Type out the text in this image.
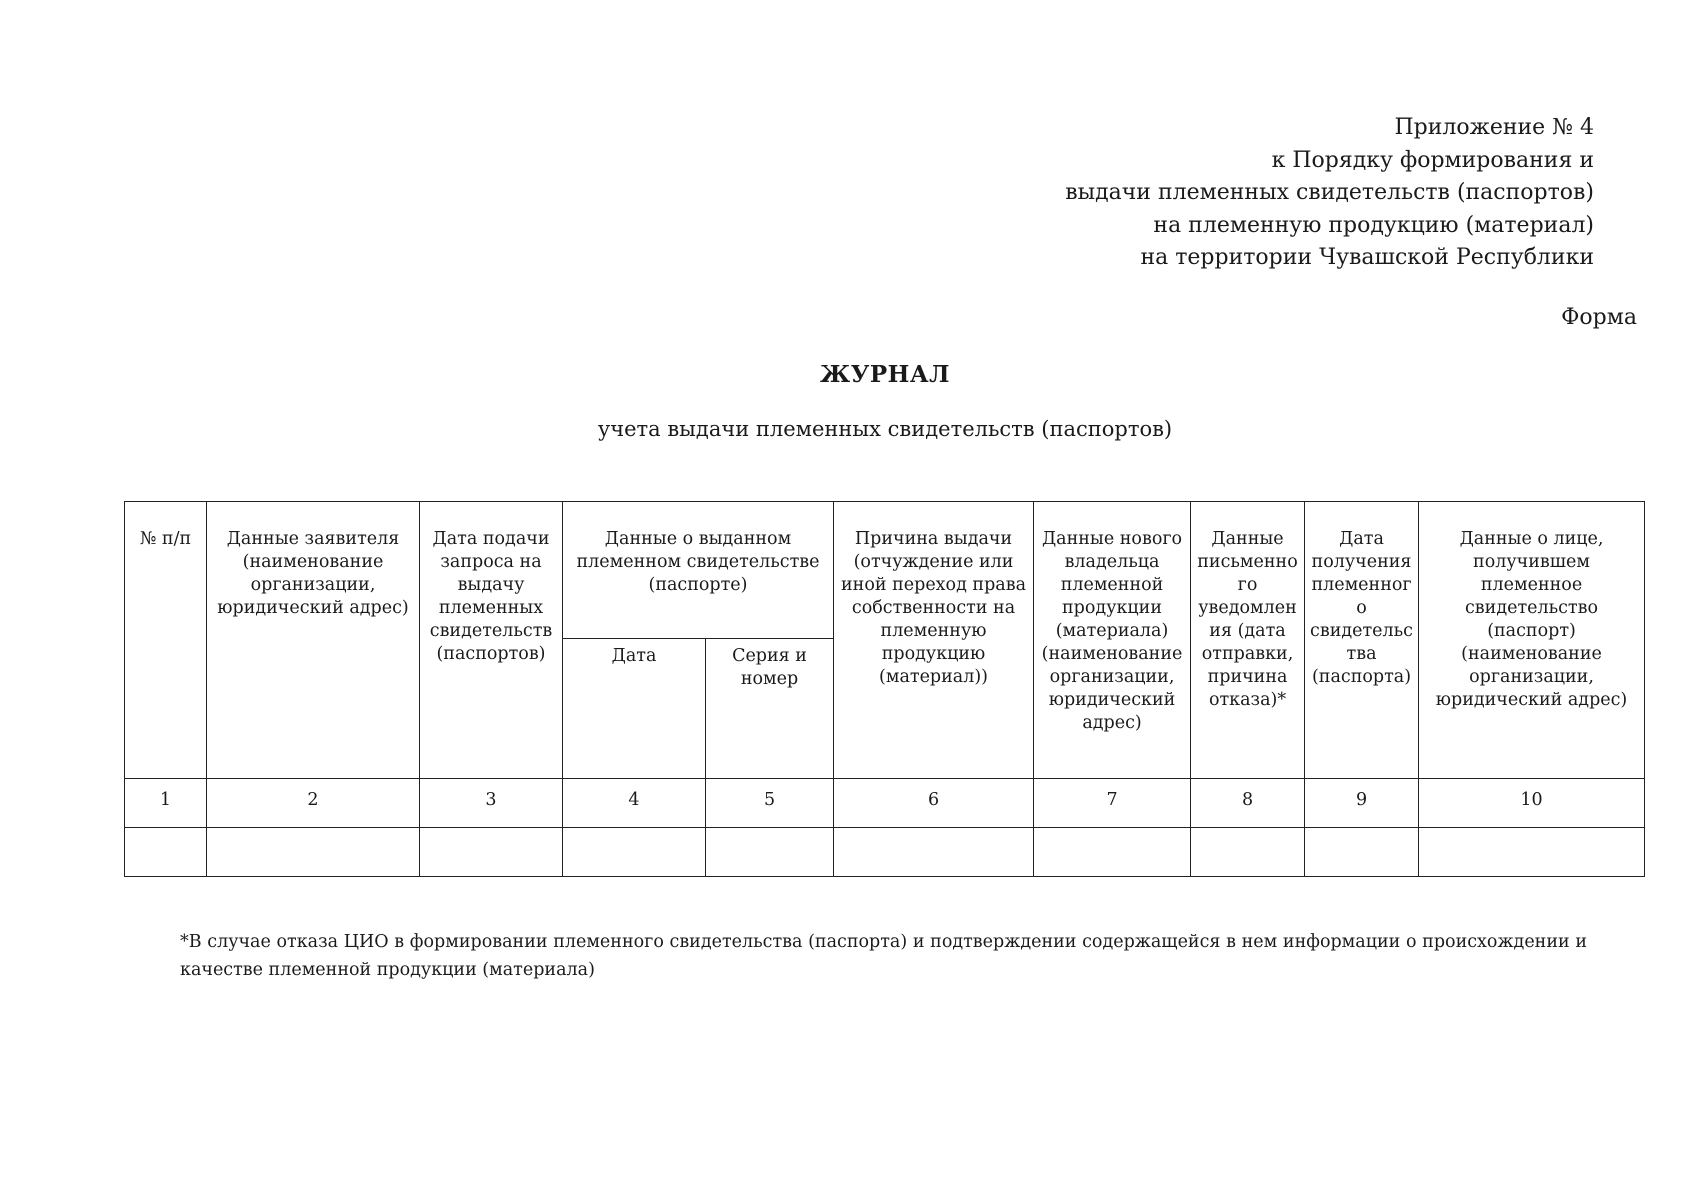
Приложение № 4
к Порядку формирования и
выдачи племенных свидетельств (паспортов)
на племенную продукцию (материал)
на территории Чувашской Республики
Форма
ЖУРНАЛ
учета выдачи племенных свидетельств (паспортов)
№ п/п	Данные заявителя (наименование организации, юридический адрес)	Дата подачи запроса на выдачу племенных свидетельств (паспортов)	Данные о выданном племенном свидетельстве (паспорте)		Причина выдачи (отчуждение или иной переход права собственности на племенную продукцию (материал))	Данные нового владельца племенной продукции (материала) (наименование организации, юридический адрес)	Данные письменного уведомления (дата отправки, причина отказа)*	Дата получения племенного свидетельства (паспорта)	Данные о лице, получившем племенное свидетельство (паспорт) (наименование организации, юридический адрес)
			Дата	Серия и номер					
1	2	3	4	5	6	7	8	9	10

*В случае отказа ЦИО в формировании племенного свидетельства (паспорта) и подтверждении содержащейся в нем информации о происхождении и качестве племенной продукции (материала)
